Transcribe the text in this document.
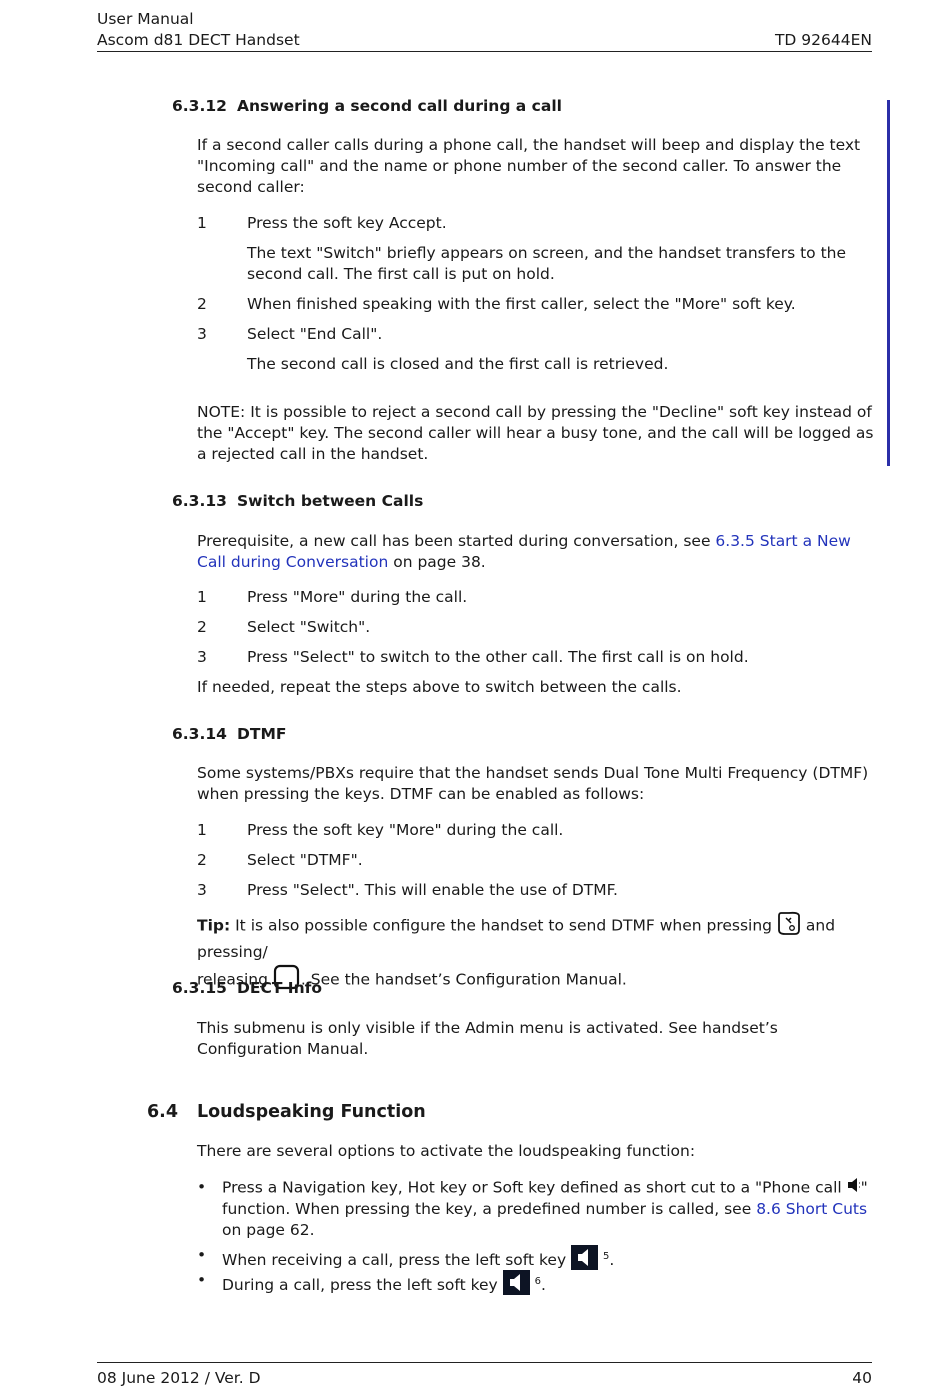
User Manual
Ascom d81 DECT Handset	TD 92644EN
6.3.12 Answering a second call during a call
If a second caller calls during a phone call, the handset will beep and display the text "Incoming call" and the name or phone number of the second caller. To answer the second caller:
1	Press the soft key Accept.
The text "Switch" briefly appears on screen, and the handset transfers to the second call. The first call is put on hold.
2	When finished speaking with the first caller, select the "More" soft key.
3	Select "End Call".
The second call is closed and the first call is retrieved.
NOTE: It is possible to reject a second call by pressing the "Decline" soft key instead of the "Accept" key. The second caller will hear a busy tone, and the call will be logged as a rejected call in the handset.
6.3.13 Switch between Calls
Prerequisite, a new call has been started during conversation, see 6.3.5 Start a New Call during Conversation on page 38.
1	Press "More" during the call.
2	Select "Switch".
3	Press "Select" to switch to the other call. The first call is on hold.
If needed, repeat the steps above to switch between the calls.
6.3.14 DTMF
Some systems/PBXs require that the handset sends Dual Tone Multi Frequency (DTMF) when pressing the keys. DTMF can be enabled as follows:
1	Press the soft key "More" during the call.
2	Select "DTMF".
3	Press "Select". This will enable the use of DTMF.
Tip: It is also possible configure the handset to send DTMF when pressing  and pressing/
releasing . See the handset’s Configuration Manual.
6.3.15 DECT Info
This submenu is only visible if the Admin menu is activated. See handset’s Configuration Manual.
6.4 Loudspeaking Function
There are several options to activate the loudspeaking function:
• Press a Navigation key, Hot key or Soft key defined as short cut to a "Phone call " function. When pressing the key, a predefined number is called, see 8.6 Short Cuts on page 62.
• When receiving a call, press the left soft key	$^5$.
• During a call, press the left soft key	$^6$.
08 June 2012 / Ver. D	40
